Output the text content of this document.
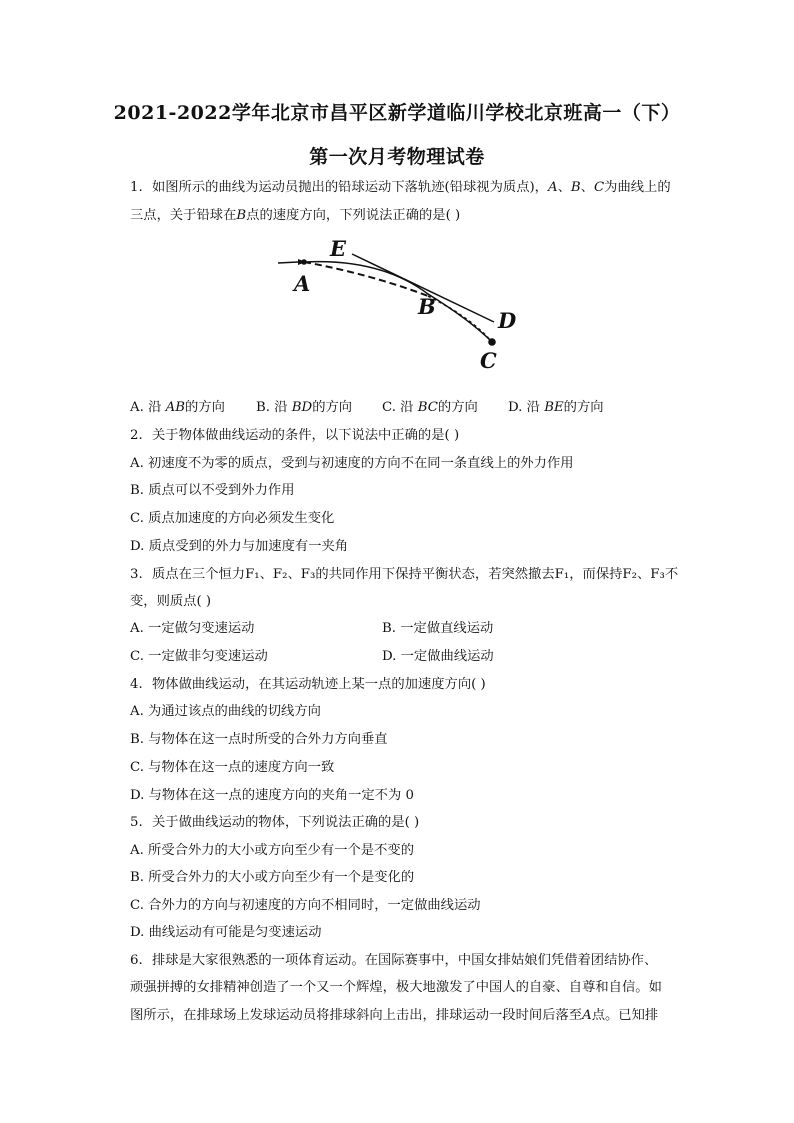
2021-2022学年北京市昌平区新学道临川学校北京班高一（下）
第一次月考物理试卷
1. 如图所示的曲线为运动员抛出的铅球运动下落轨迹(铅球视为质点)，A、B、C为曲线上的
三点，关于铅球在B点的速度方向，下列说法正确的是( )
E
A
B
D
C
A. 沿 AB的方向 B. 沿 BD的方向 C. 沿 BC的方向 D. 沿 BE的方向
2. 关于物体做曲线运动的条件，以下说法中正确的是( )
A. 初速度不为零的质点，受到与初速度的方向不在同一条直线上的外力作用
B. 质点可以不受到外力作用
C. 质点加速度的方向必须发生变化
D. 质点受到的外力与加速度有一夹角
3. 质点在三个恒力F₁、F₂、F₃的共同作用下保持平衡状态，若突然撤去F₁，而保持F₂、F₃不
变，则质点( )
A. 一定做匀变速运动	B. 一定做直线运动
C. 一定做非匀变速运动	D. 一定做曲线运动
4. 物体做曲线运动，在其运动轨迹上某一点的加速度方向( )
A. 为通过该点的曲线的切线方向
B. 与物体在这一点时所受的合外力方向垂直
C. 与物体在这一点的速度方向一致
D. 与物体在这一点的速度方向的夹角一定不为 0
5. 关于做曲线运动的物体，下列说法正确的是( )
A. 所受合外力的大小或方向至少有一个是不变的
B. 所受合外力的大小或方向至少有一个是变化的
C. 合外力的方向与初速度的方向不相同时，一定做曲线运动
D. 曲线运动有可能是匀变速运动
6. 排球是大家很熟悉的一项体育运动。在国际赛事中，中国女排姑娘们凭借着团结协作、
顽强拼搏的女排精神创造了一个又一个辉煌，极大地激发了中国人的自豪、自尊和自信。如
图所示，在排球场上发球运动员将排球斜向上击出，排球运动一段时间后落至A点。已知排
